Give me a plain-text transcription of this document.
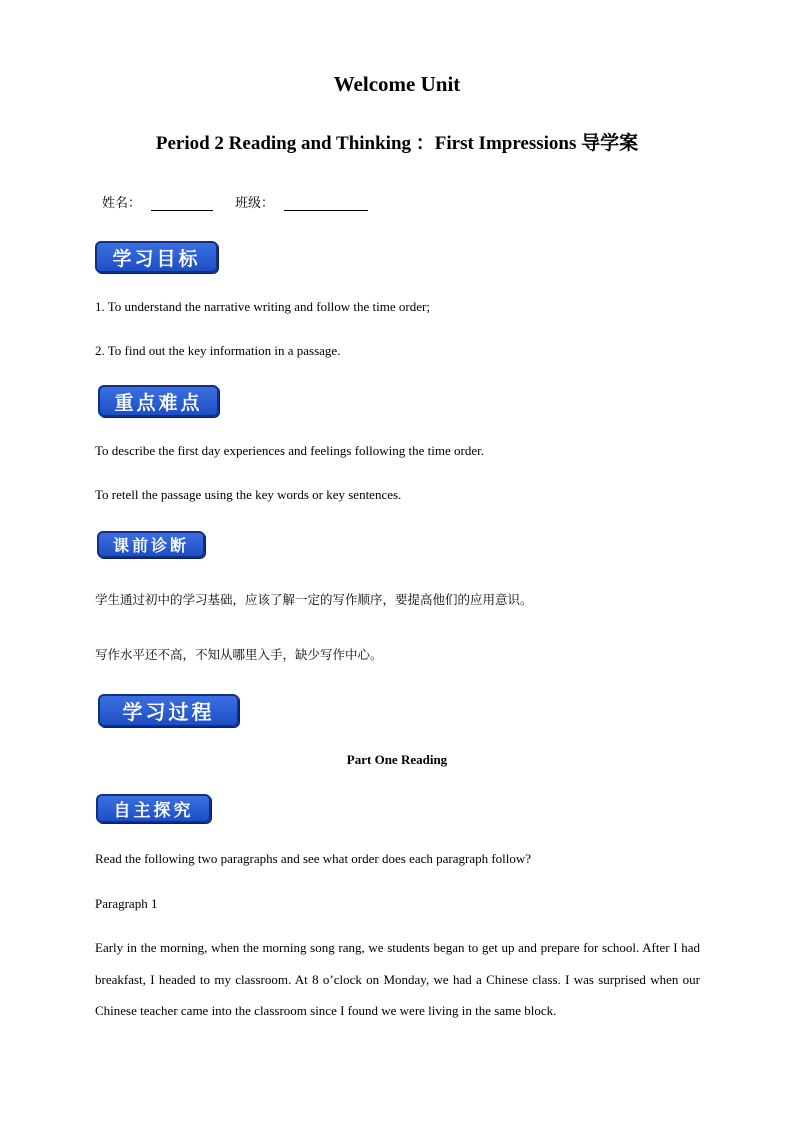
Welcome Unit
Period 2 Reading and Thinking ：First Impressions 导学案
姓名：	班级：
学习目标
1. To understand the narrative writing and follow the time order;
2. To find out the key information in a passage.
重点难点
To describe the first day experiences and feelings following the time order.
To retell the passage using the key words or key sentences.
课前诊断
学生通过初中的学习基础，应该了解一定的写作顺序，要提高他们的应用意识。
写作水平还不高，不知从哪里入手，缺少写作中心。
学习过程
Part One Reading
自主探究
Read the following two paragraphs and see what order does each paragraph follow?
Paragraph 1
Early in the morning, when the morning song rang, we students began to get up and prepare for school. After I had breakfast, I headed to my classroom. At 8 o’clock on Monday, we had a Chinese class. I was surprised when our Chinese teacher came into the classroom since I found we were living in the same block.
